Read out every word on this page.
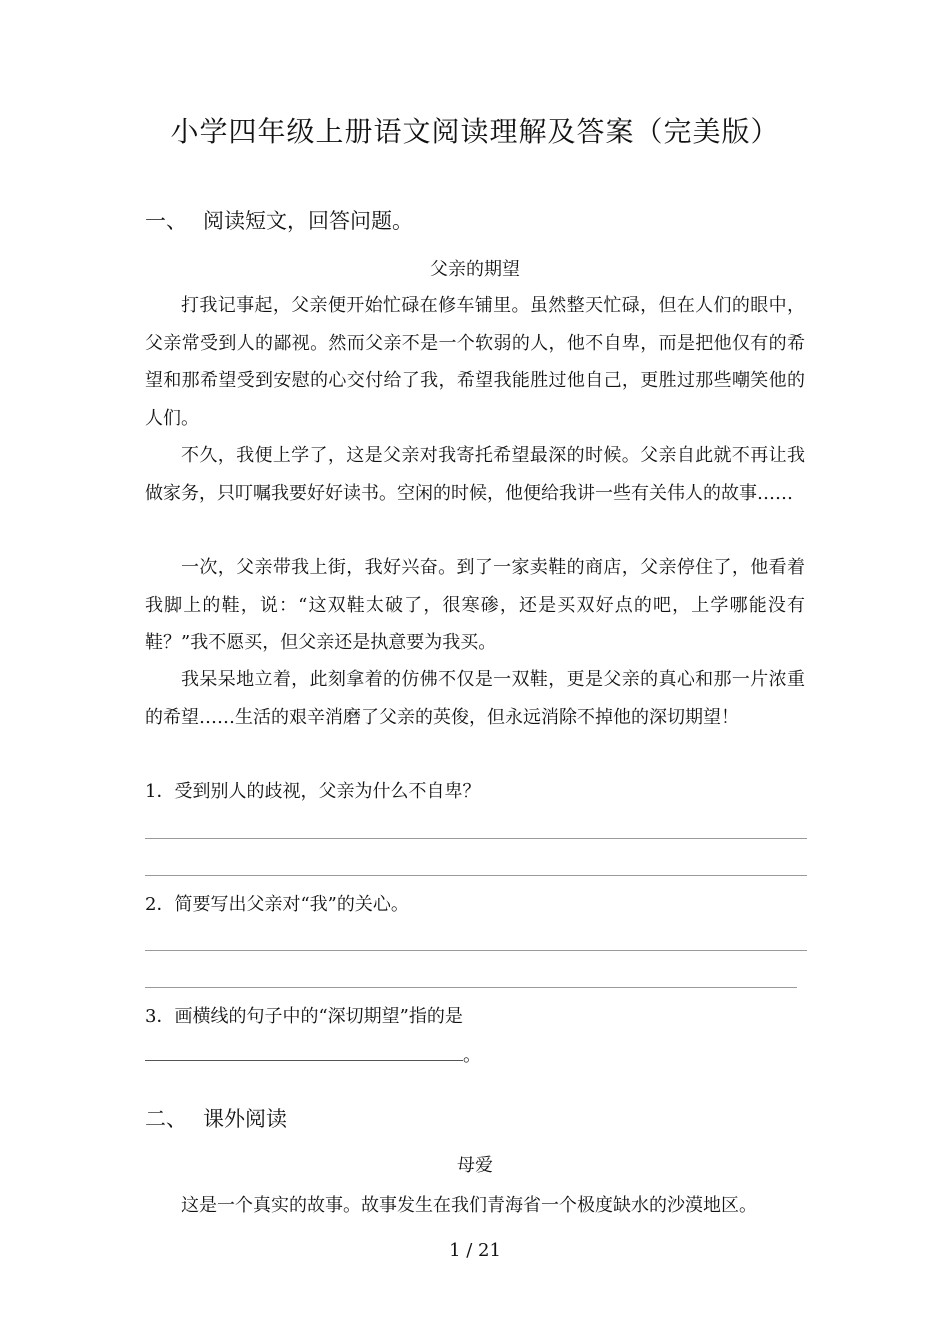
小学四年级上册语文阅读理解及答案（完美版）
一、 阅读短文，回答问题。
父亲的期望

打我记事起，父亲便开始忙碌在修车铺里。虽然整天忙碌，但在人们的眼中，父亲常受到人的鄙视。然而父亲不是一个软弱的人，他不自卑，而是把他仅有的希望和那希望受到安慰的心交付给了我，希望我能胜过他自己，更胜过那些嘲笑他的人们。

不久，我便上学了，这是父亲对我寄托希望最深的时候。父亲自此就不再让我做家务，只叮嘱我要好好读书。空闲的时候，他便给我讲一些有关伟人的故事……

一次，父亲带我上街，我好兴奋。到了一家卖鞋的商店，父亲停住了，他看着我脚上的鞋，说：“这双鞋太破了，很寒碜，还是买双好点的吧，上学哪能没有鞋？”我不愿买，但父亲还是执意要为我买。

我呆呆地立着，此刻拿着的仿佛不仅是一双鞋，更是父亲的真心和那一片浓重的希望……生活的艰辛消磨了父亲的英俊，但永远消除不掉他的深切期望！

1．受到别人的歧视，父亲为什么不自卑？
2．简要写出父亲对“我”的关心。
3．画横线的句子中的“深切期望”指的是
。
二、 课外阅读
母爱

这是一个真实的故事。故事发生在我们青海省一个极度缺水的沙漠地区。

1 / 21
